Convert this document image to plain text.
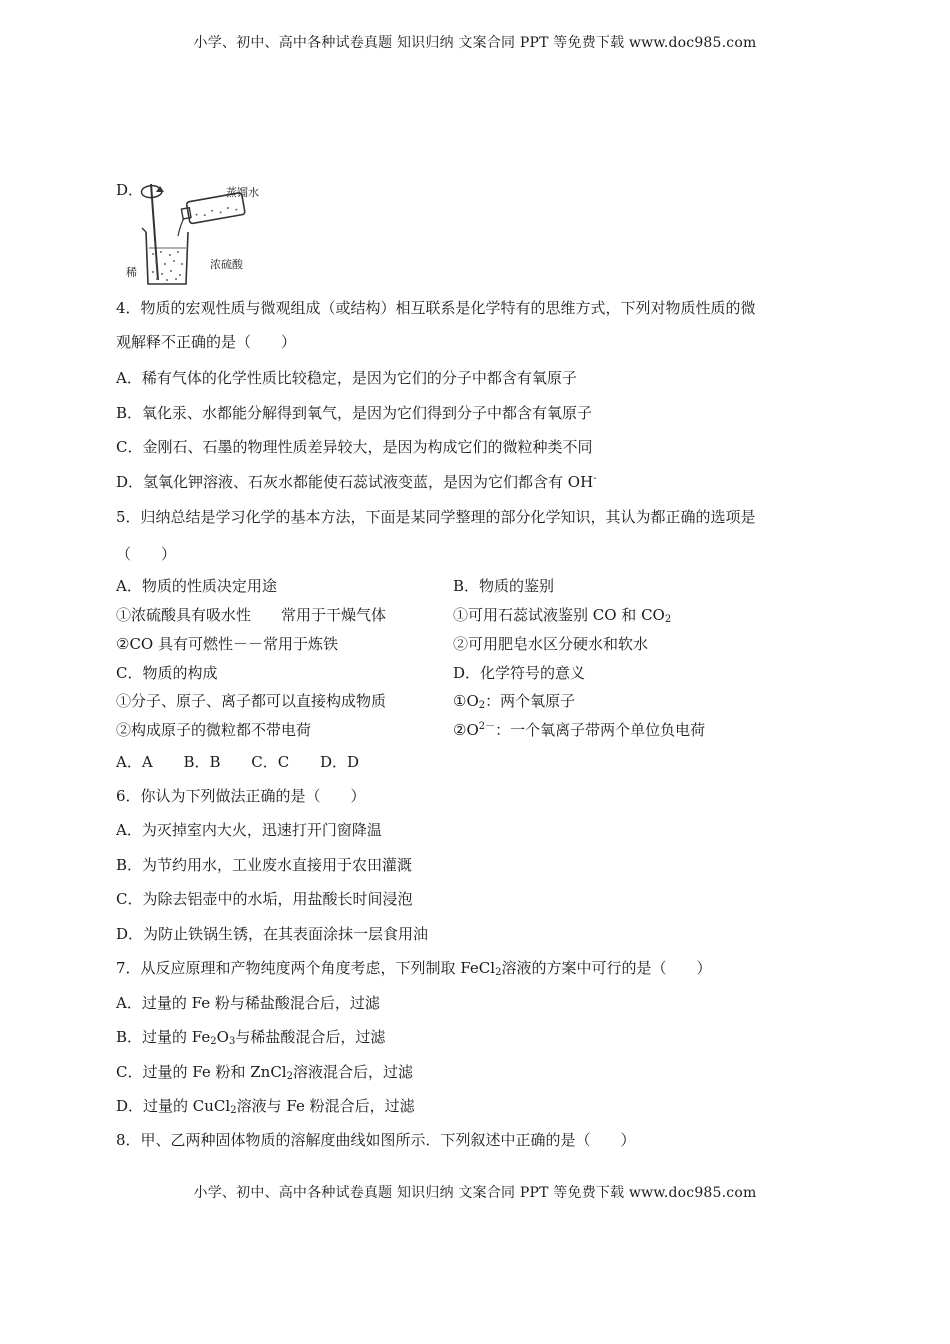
小学、初中、高中各种试卷真题 知识归纳 文案合同 PPT 等免费下载 www.doc985.com
D．	蒸馏水
浓硫酸
稀
4．物质的宏观性质与微观组成（或结构）相互联系是化学特有的思维方式，下列对物质性质的微
观解释不正确的是（　　）
A．稀有气体的化学性质比较稳定，是因为它们的分子中都含有氧原子
B．氧化汞、水都能分解得到氧气，是因为它们得到分子中都含有氧原子
C．金刚石、石墨的物理性质差异较大，是因为构成它们的微粒种类不同
D．氢氧化钾溶液、石灰水都能使石蕊试液变蓝，是因为它们都含有 OH-
5．归纳总结是学习化学的基本方法，下面是某同学整理的部分化学知识，其认为都正确的选项是
（　　）
A．物质的性质决定用途	B．物质的鉴别
①浓硫酸具有吸水性　　常用于干燥气体	①可用石蕊试液鉴别 CO 和 $CO_2$
②CO 具有可燃性－－常用于炼铁	②可用肥皂水区分硬水和软水
C．物质的构成	D．化学符号的意义
①分子、原子、离子都可以直接构成物质	$①O_2$：两个氧原子
②构成原子的微粒都不带电荷	$②O^{2-}$：一个氧离子带两个单位负电荷
A．A B．B C．C D．D
6．你认为下列做法正确的是（　　）
A．为灭掉室内大火，迅速打开门窗降温
B．为节约用水，工业废水直接用于农田灌溉
C．为除去铝壶中的水垢，用盐酸长时间浸泡
D．为防止铁锅生锈，在其表面涂抹一层食用油
7．从反应原理和产物纯度两个角度考虑，下列制取 FeCl$_2$溶液的方案中可行的是（　　）
A．过量的 Fe 粉与稀盐酸混合后，过滤
B．过量的 $Fe_2O_3$与稀盐酸混合后，过滤
C．过量的 Fe 粉和 ZnCl$_2$溶液混合后，过滤
D．过量的 CuCl$_2$溶液与 Fe 粉混合后，过滤
8．甲、乙两种固体物质的溶解度曲线如图所示．下列叙述中正确的是（　　）
小学、初中、高中各种试卷真题 知识归纳 文案合同 PPT 等免费下载 www.doc985.com
